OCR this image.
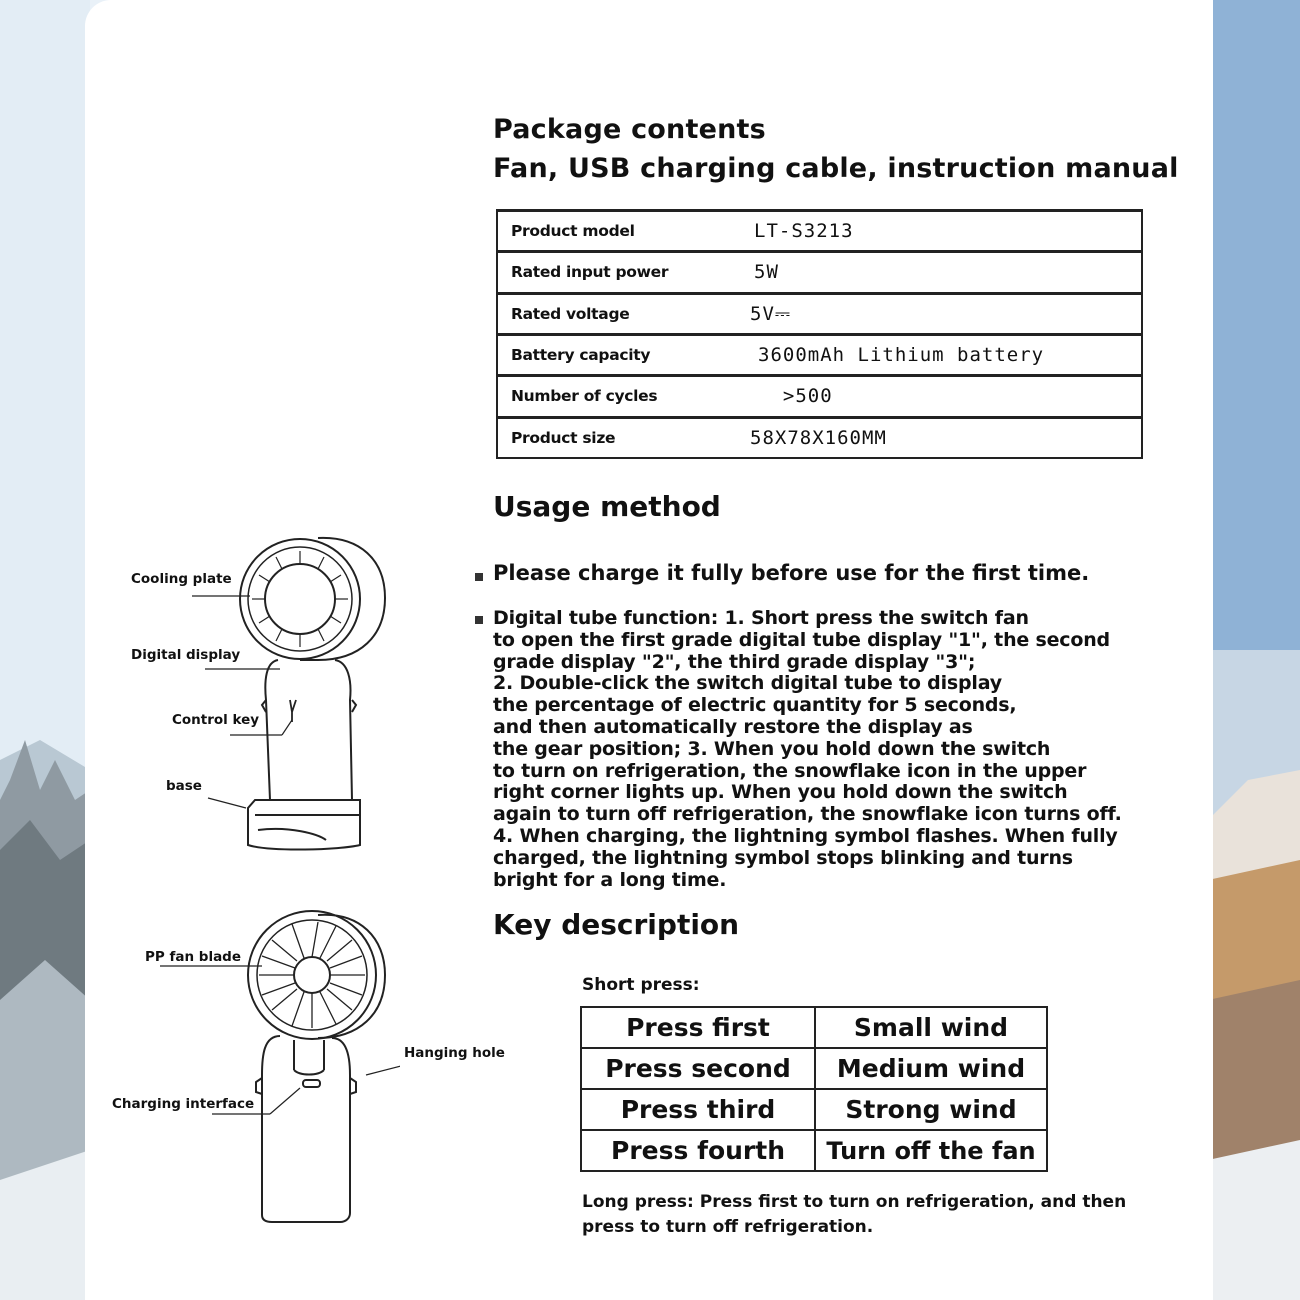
Package contents
Fan, USB charging cable, instruction manual
Product model	LT-S3213
Rated input power	5W
Rated voltage	5V⎓
Battery capacity	3600mAh Lithium battery
Number of cycles	>500
Product size	58X78X160MM
Usage method
Please charge it fully before use for the first time.
Digital tube function: 1. Short press the switch fan
to open the first grade digital tube display "1", the second
grade display "2", the third grade display "3";
2. Double-click the switch digital tube to display
the percentage of electric quantity for 5 seconds,
and then automatically restore the display as
the gear position; 3. When you hold down the switch
to turn on refrigeration, the snowflake icon in the upper
right corner lights up. When you hold down the switch
again to turn off refrigeration, the snowflake icon turns off.
4. When charging, the lightning symbol flashes. When fully
charged, the lightning symbol stops blinking and turns
bright for a long time.
Key description
Short press:
Press first	Small wind
Press second	Medium wind
Press third	Strong wind
Press fourth	Turn off the fan
Long press: Press first to turn on refrigeration, and then
press to turn off refrigeration.
Cooling plate
Digital display
Control key
base
PP fan blade
Hanging hole
Charging interface
